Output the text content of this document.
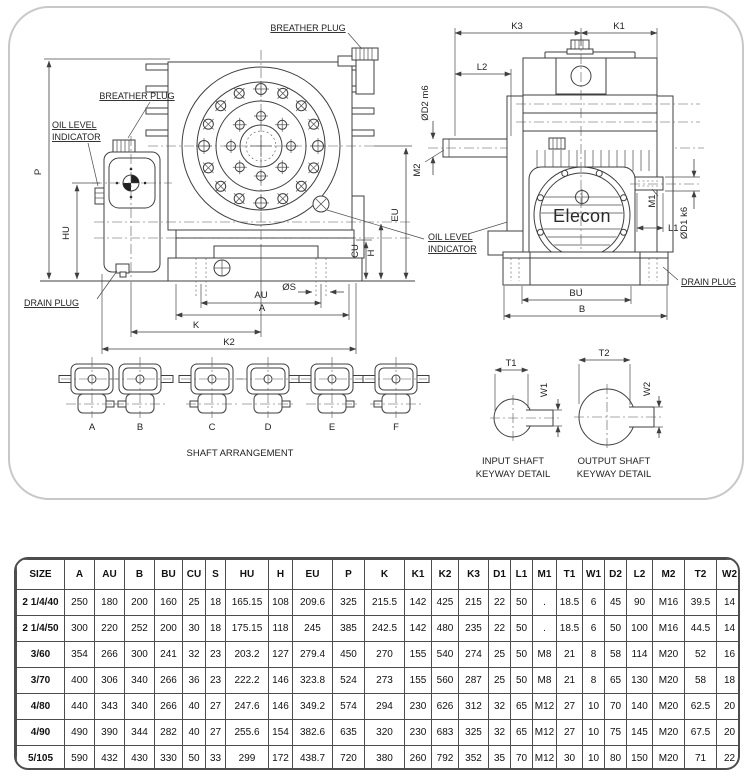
BREATHER PLUG
BREATHER PLUG
OIL LEVEL
INDICATOR
DRAIN PLUG
OIL LEVEL
INDICATOR
P
HU
EU
CU H
ØS
AU
A
K
K2
Elecon
K3	K1
L2
ØD2 m6
M2
M1
ØD1 k6
L1
BU
B
DRAIN PLUG
A	B	C	D	E	F
SHAFT ARRANGEMENT
T1
W1
INPUT SHAFT
KEYWAY DETAIL
T2
W2
OUTPUT SHAFT
KEYWAY DETAIL
SIZE	A	AU	B	BU	CU	S	HU	H	EU	P	K	K1	K2	K3	D1	L1	M1	T1	W1	D2	L2	M2	T2	W2
2 1/4/40	250	180	200	160	25	18	165.15	108	209.6	325	215.5	142	425	215	22	50	.	18.5	6	45	90	M16	39.5	14
2 1/4/50	300	220	252	200	30	18	175.15	118	245	385	242.5	142	480	235	22	50	.	18.5	6	50	100	M16	44.5	14
3/60	354	266	300	241	32	23	203.2	127	279.4	450	270	155	540	274	25	50	M8	21	8	58	114	M20	52	16
3/70	400	306	340	266	36	23	222.2	146	323.8	524	273	155	560	287	25	50	M8	21	8	65	130	M20	58	18
4/80	440	343	340	266	40	27	247.6	146	349.2	574	294	230	626	312	32	65	M12	27	10	70	140	M20	62.5	20
4/90	490	390	344	282	40	27	255.6	154	382.6	635	320	230	683	325	32	65	M12	27	10	75	145	M20	67.5	20
5/105	590	432	430	330	50	33	299	172	438.7	720	380	260	792	352	35	70	M12	30	10	80	150	M20	71	22
